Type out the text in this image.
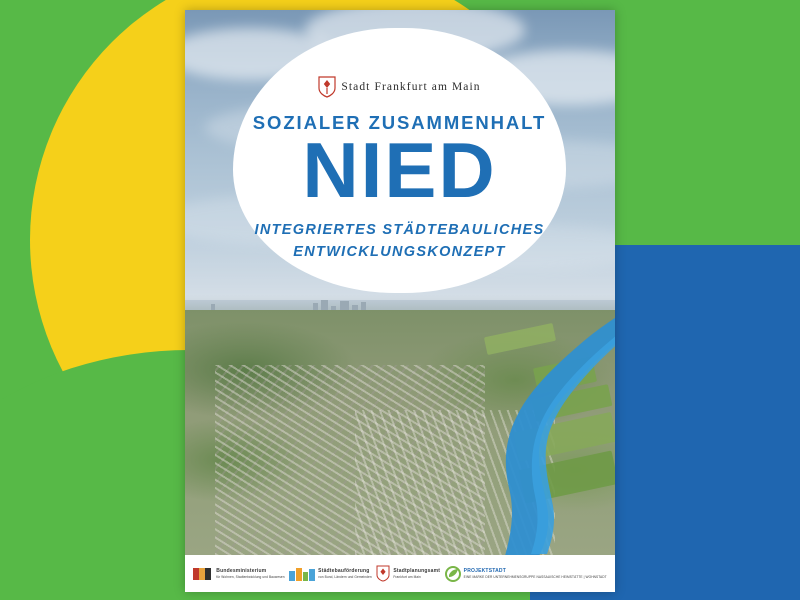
Stadt Frankfurt am Main
SOZIALER ZUSAMMENHALT
NIED
INTEGRIERTES STÄDTEBAULICHES
ENTWICKLUNGSKONZEPT
Bundesministerium
für Wohnen, Stadtentwicklung und Bauwesen
Städtebauförderung
von Bund, Ländern und Gemeinden
Stadtplanungsamt
Frankfurt am Main
PROJEKTSTADT
EINE MARKE DER UNTERNEHMENSGRUPPE NASSAUISCHE HEIMSTÄTTE | WOHNSTADT
